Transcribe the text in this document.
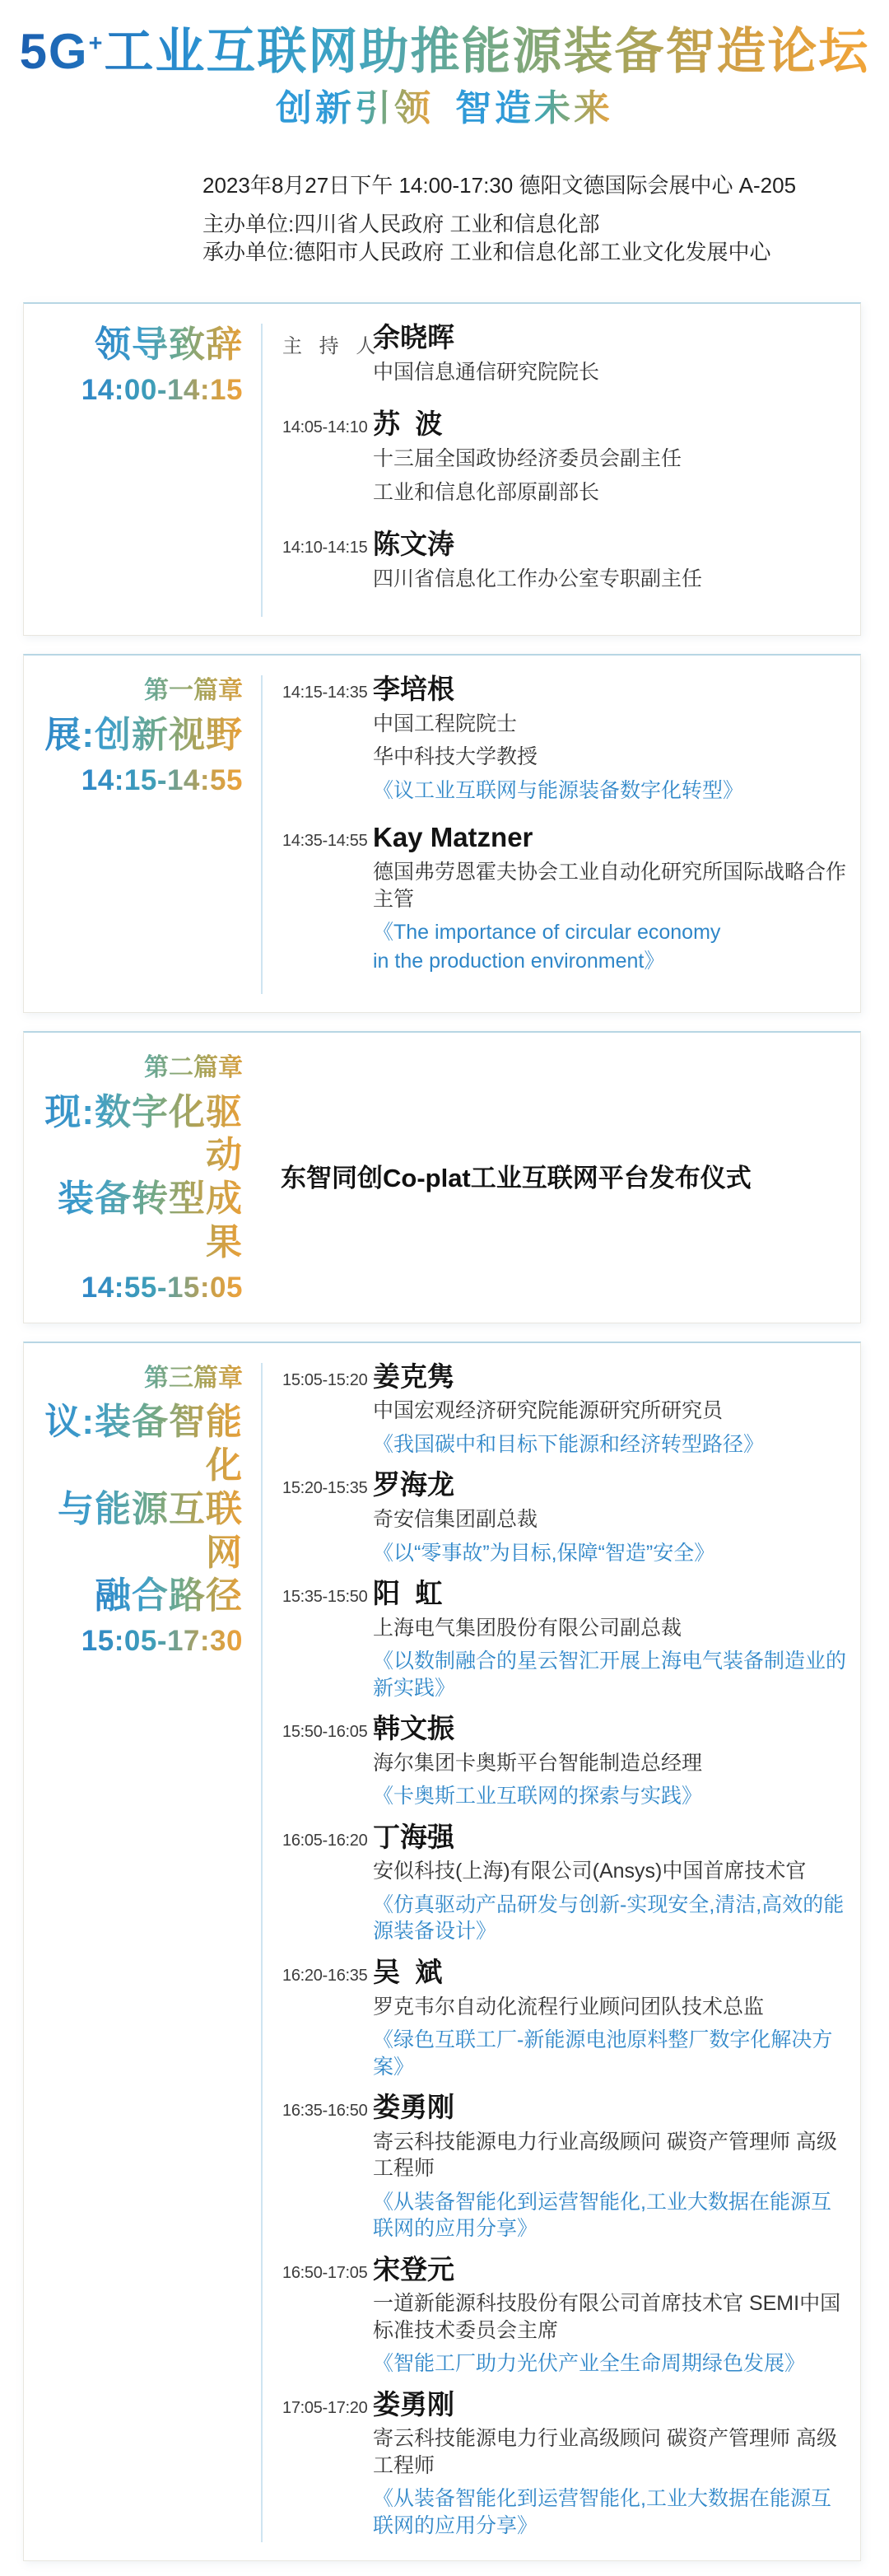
5G+工业互联网助推能源装备智造论坛
创新引领 智造未来
2023年8月27日下午 14:00-17:30 德阳文德国际会展中心 A-205
主办单位:四川省人民政府 工业和信息化部
承办单位:德阳市人民政府 工业和信息化部工业文化发展中心
领导致辞 14:00-14:15
主 持 人
余晓晖
中国信息通信研究院院长
14:05-14:10 苏  波
十三届全国政协经济委员会副主任
工业和信息化部原副部长
14:10-14:15 陈文涛
四川省信息化工作办公室专职副主任
第一篇章 展:创新视野 14:15-14:55
14:15-14:35 李培根
中国工程院院士
华中科技大学教授
《议工业互联网与能源装备数字化转型》
14:35-14:55 Kay Matzner
德国弗劳恩霍夫协会工业自动化研究所国际战略合作主管
《The importance of circular economy
in the production environment》
第二篇章 现:数字化驱动 装备转型成果 14:55-15:05
东智同创Co-plat工业互联网平台发布仪式
第三篇章 议:装备智能化 与能源互联网 融合路径 15:05-17:30
15:05-15:20 姜克隽
中国宏观经济研究院能源研究所研究员
《我国碳中和目标下能源和经济转型路径》
15:20-15:35 罗海龙
奇安信集团副总裁
《以“零事故”为目标,保障“智造”安全》
15:35-15:50 阳  虹
上海电气集团股份有限公司副总裁
《以数制融合的星云智汇开展上海电气装备制造业的新实践》
15:50-16:05 韩文振
海尔集团卡奥斯平台智能制造总经理
《卡奥斯工业互联网的探索与实践》
16:05-16:20 丁海强
安似科技(上海)有限公司(Ansys)中国首席技术官
《仿真驱动产品研发与创新-实现安全,清洁,高效的能源装备设计》
16:20-16:35 吴  斌
罗克韦尔自动化流程行业顾问团队技术总监
《绿色互联工厂-新能源电池原料整厂数字化解决方案》
16:35-16:50 娄勇刚
寄云科技能源电力行业高级顾问 碳资产管理师 高级工程师
《从装备智能化到运营智能化,工业大数据在能源互联网的应用分享》
16:50-17:05 宋登元
一道新能源科技股份有限公司首席技术官 SEMI中国标准技术委员会主席
《智能工厂助力光伏产业全生命周期绿色发展》
17:05-17:20 娄勇刚
寄云科技能源电力行业高级顾问 碳资产管理师 高级工程师
《从装备智能化到运营智能化,工业大数据在能源互联网的应用分享》
